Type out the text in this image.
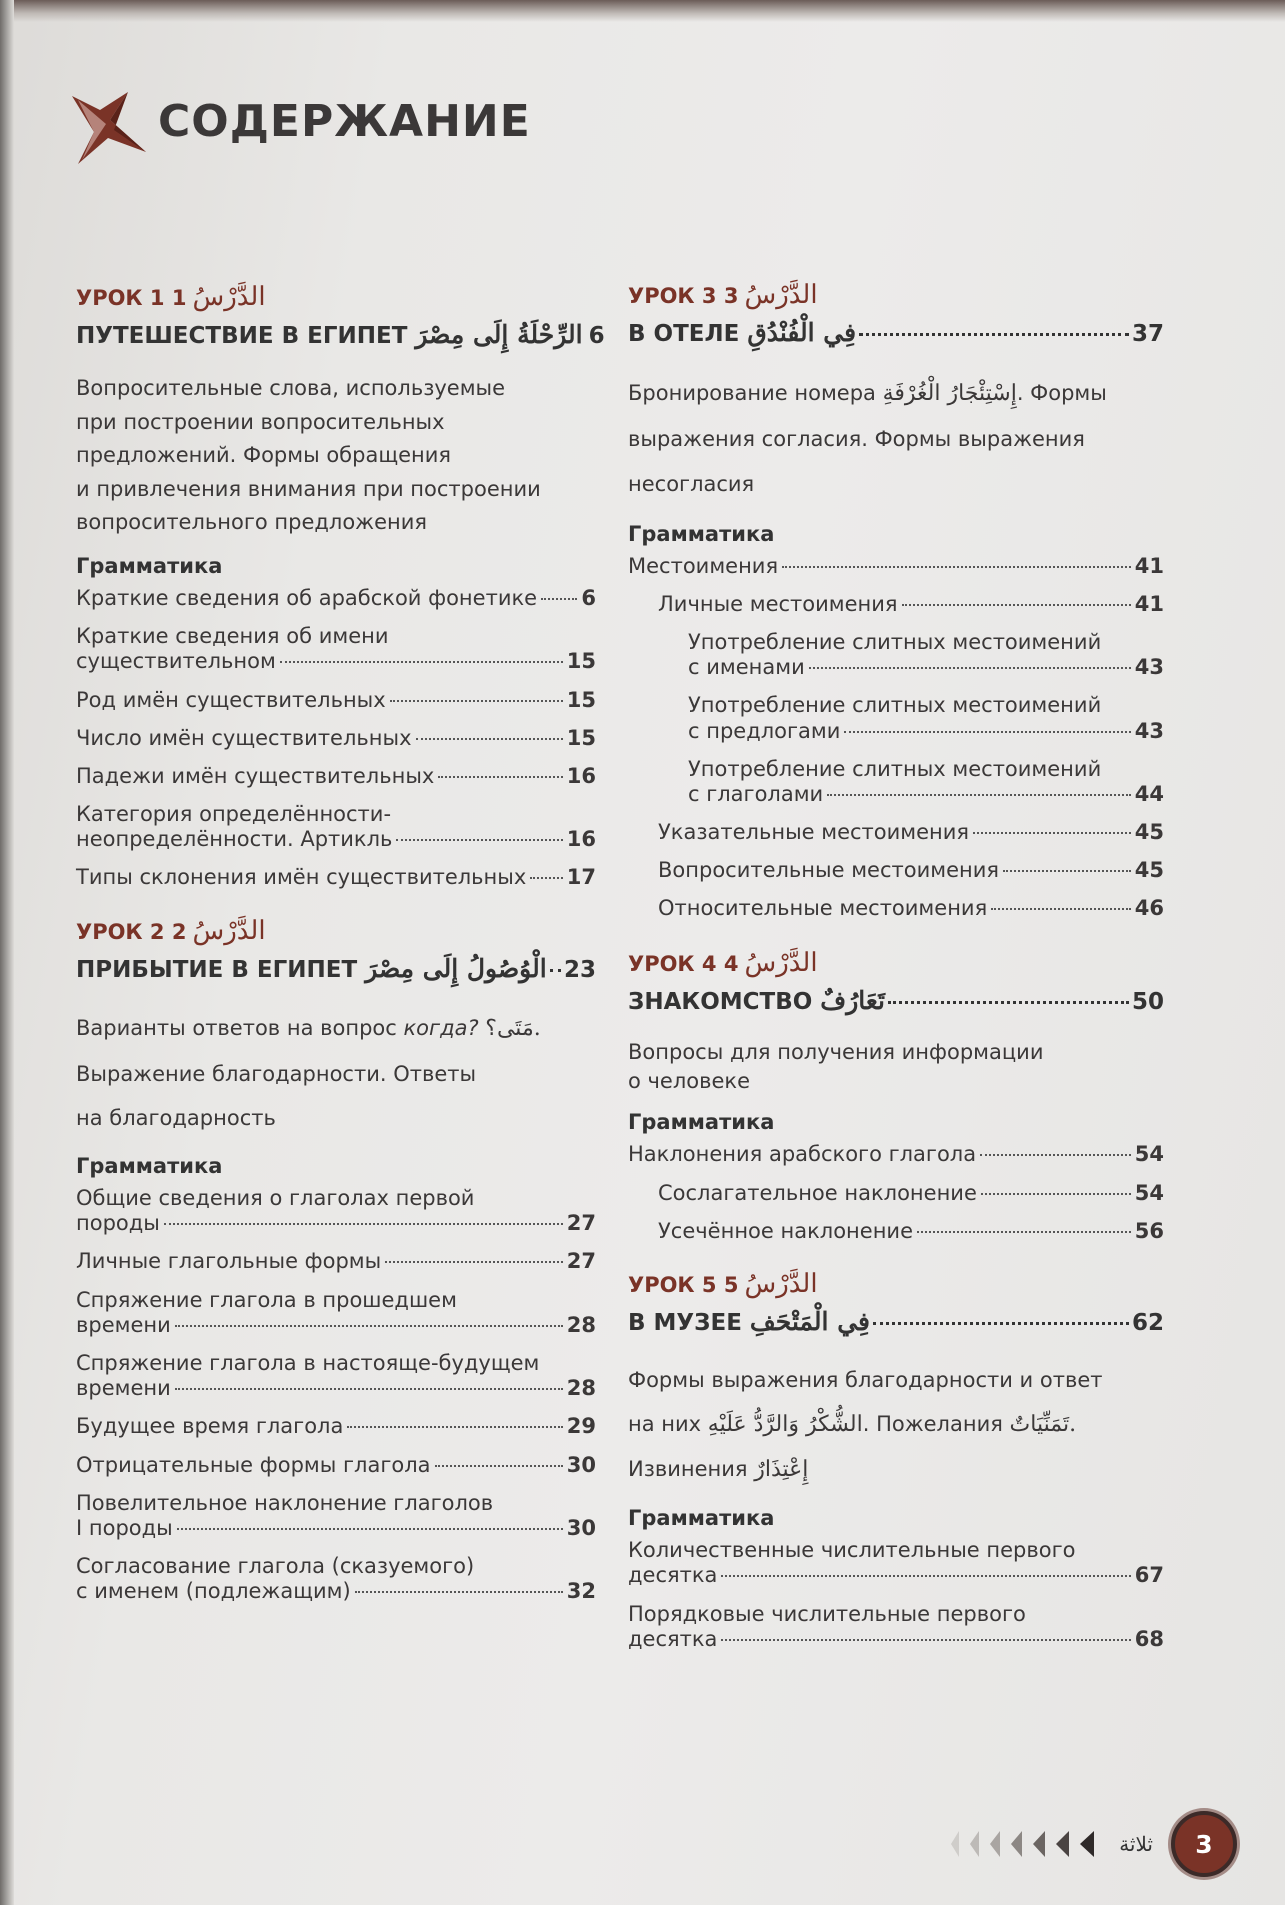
СОДЕРЖАНИЕ
УРОК 1 1 الدَّرْسُ
ПУТЕШЕСТВИЕ В ЕГИПЕТ الرِّحْلَةُ إِلَى مِصْرَ 6
Вопросительные слова, используемые
при построении вопросительных
предложений. Формы обращения
и привлечения внимания при построении
вопросительного предложения
Грамматика
Краткие сведения об арабской фонетике 6
Краткие сведения об имени
существительном	15
Род имён существительных	15
Число имён существительных	15
Падежи имён существительных	16
Категория определённости-
неопределённости. Артикль	16
Типы склонения имён существительных 17
УРОК 2 2 الدَّرْسُ
ПРИБЫТИЕ В ЕГИПЕТ الْوُصُولُ إِلَى مِصْرَ 23
Варианты ответов на вопрос когда? مَتَى؟.
Выражение благодарности. Ответы
на благодарность
Грамматика
Общие сведения о глаголах первой
породы	27
Личные глагольные формы	27
Спряжение глагола в прошедшем
времени	28
Спряжение глагола в настояще-будущем
времени	28
Будущее время глагола	29
Отрицательные формы глагола	30
Повелительное наклонение глаголов
I породы	30
Согласование глагола (сказуемого)
с именем (подлежащим)	32
УРОК 3 3 الدَّرْسُ
В ОТЕЛЕ فِي الْفُنْدُقِ	37
Бронирование номера إِسْتِئْجَارُ الْغُرْفَةِ. Формы
выражения согласия. Формы выражения
несогласия
Грамматика
Местоимения	41
Личные местоимения	41
Употребление слитных местоимений
с именами	43
Употребление слитных местоимений
с предлогами	43
Употребление слитных местоимений
с глаголами	44
Указательные местоимения	45
Вопросительные местоимения	45
Относительные местоимения	46
УРОК 4 4 الدَّرْسُ
ЗНАКОМСТВО تَعَارُفٌ	50
Вопросы для получения информации
о человеке
Грамматика
Наклонения арабского глагола	54
Сослагательное наклонение	54
Усечённое наклонение	56
УРОК 5 5 الدَّرْسُ
В МУЗЕЕ فِي الْمَتْحَفِ	62
Формы выражения благодарности и ответ
на них الشُّكْرُ وَالرَّدُّ عَلَيْهِ. Пожелания تَمَنِّيَاتٌ.
Извинения إِعْتِذَارٌ
Грамматика
Количественные числительные первого
десятка	67
Порядковые числительные первого
десятка	68
ثلاثة 3
